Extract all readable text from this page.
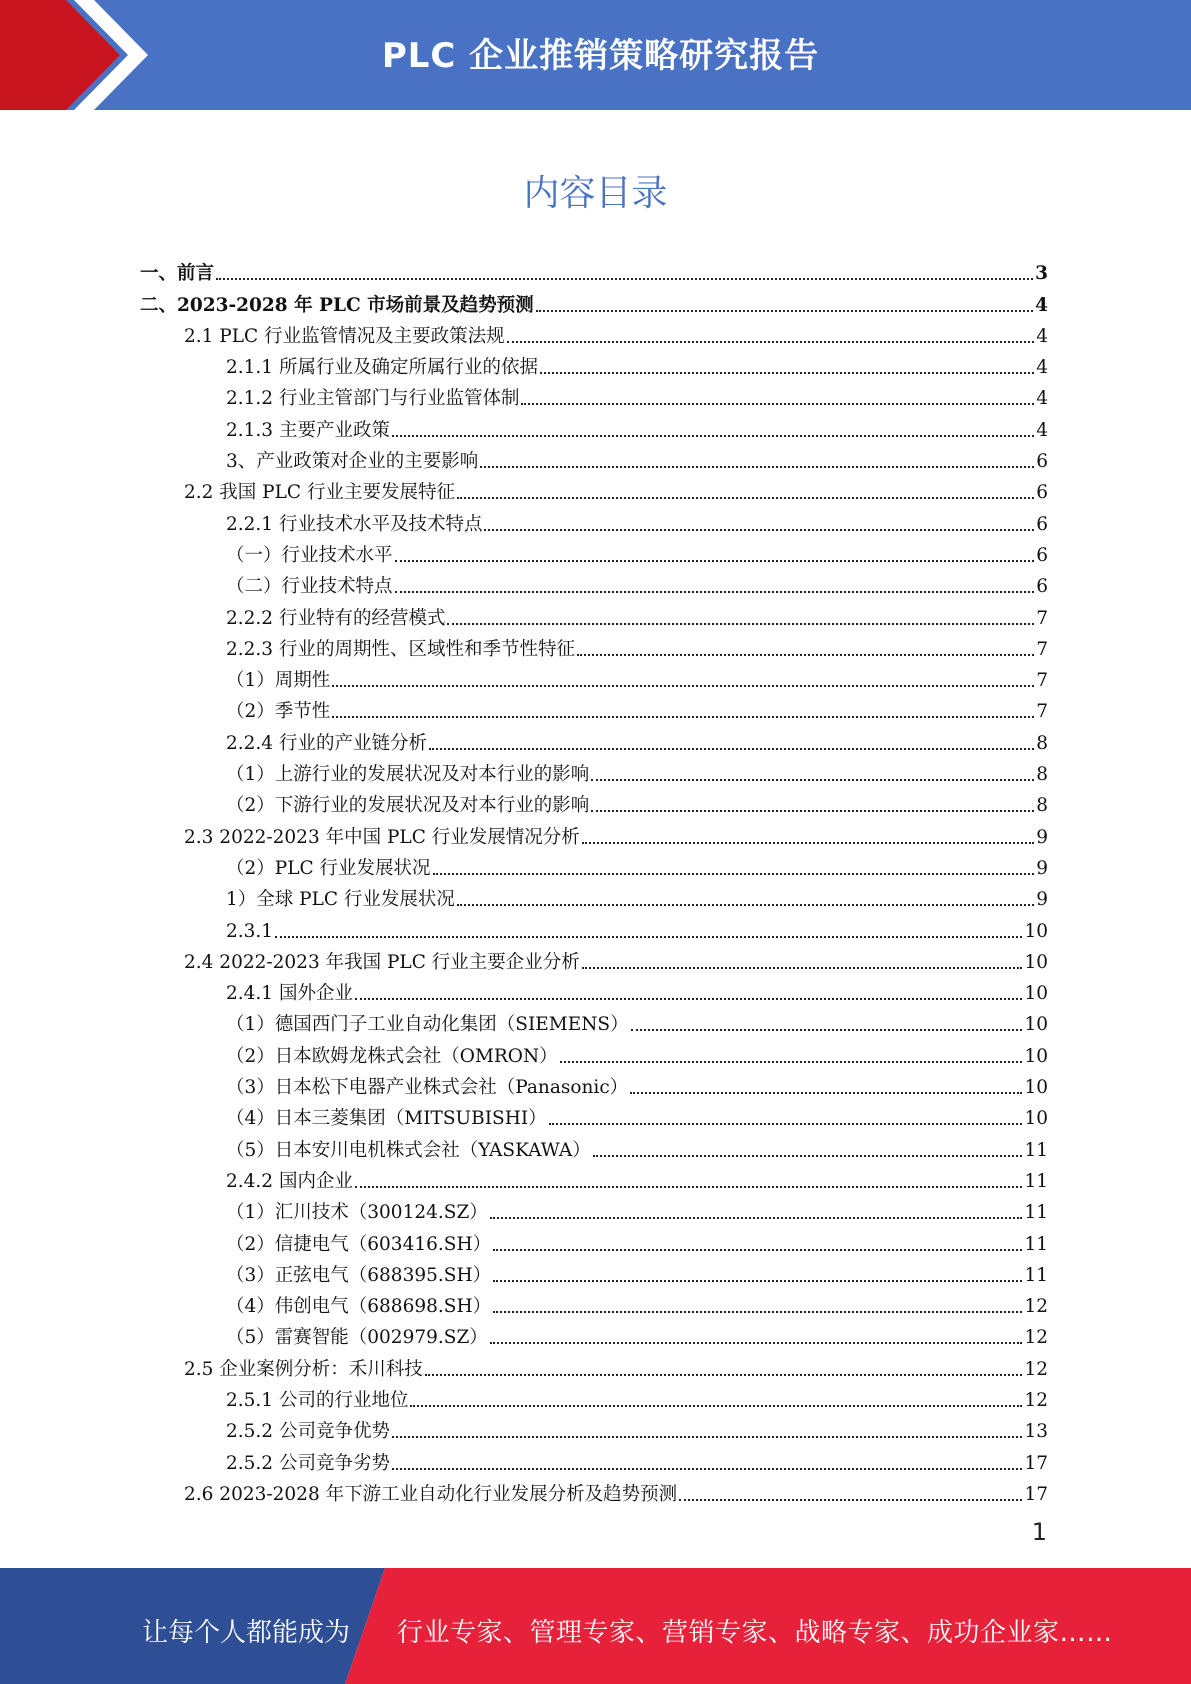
PLC 企业推销策略研究报告
内容目录
一、前言	3
二、2023-2028 年 PLC 市场前景及趋势预测	4
2.1 PLC 行业监管情况及主要政策法规	4
2.1.1 所属行业及确定所属行业的依据	4
2.1.2 行业主管部门与行业监管体制	4
2.1.3 主要产业政策	4
3、产业政策对企业的主要影响	6
2.2 我国 PLC 行业主要发展特征	6
2.2.1 行业技术水平及技术特点	6
（一）行业技术水平	6
（二）行业技术特点	6
2.2.2 行业特有的经营模式	7
2.2.3 行业的周期性、区域性和季节性特征	7
（1）周期性	7
（2）季节性	7
2.2.4 行业的产业链分析	8
（1）上游行业的发展状况及对本行业的影响	8
（2）下游行业的发展状况及对本行业的影响	8
2.3 2022-2023 年中国 PLC 行业发展情况分析	9
（2）PLC 行业发展状况	9
1）全球 PLC 行业发展状况	9
2.3.1	10
2.4 2022-2023 年我国 PLC 行业主要企业分析	10
2.4.1 国外企业	10
（1）德国西门子工业自动化集团（SIEMENS）	10
（2）日本欧姆龙株式会社（OMRON）	10
（3）日本松下电器产业株式会社（Panasonic）	10
（4）日本三菱集团（MITSUBISHI）	10
（5）日本安川电机株式会社（YASKAWA）	11
2.4.2 国内企业	11
（1）汇川技术（300124.SZ）	11
（2）信捷电气（603416.SH）	11
（3）正弦电气（688395.SH）	11
（4）伟创电气（688698.SH）	12
（5）雷赛智能（002979.SZ）	12
2.5 企业案例分析：禾川科技	12
2.5.1 公司的行业地位	12
2.5.2 公司竞争优势	13
2.5.2 公司竞争劣势	17
2.6 2023-2028 年下游工业自动化行业发展分析及趋势预测	17
1
让每个人都能成为 行业专家、管理专家、营销专家、战略专家、成功企业家……
